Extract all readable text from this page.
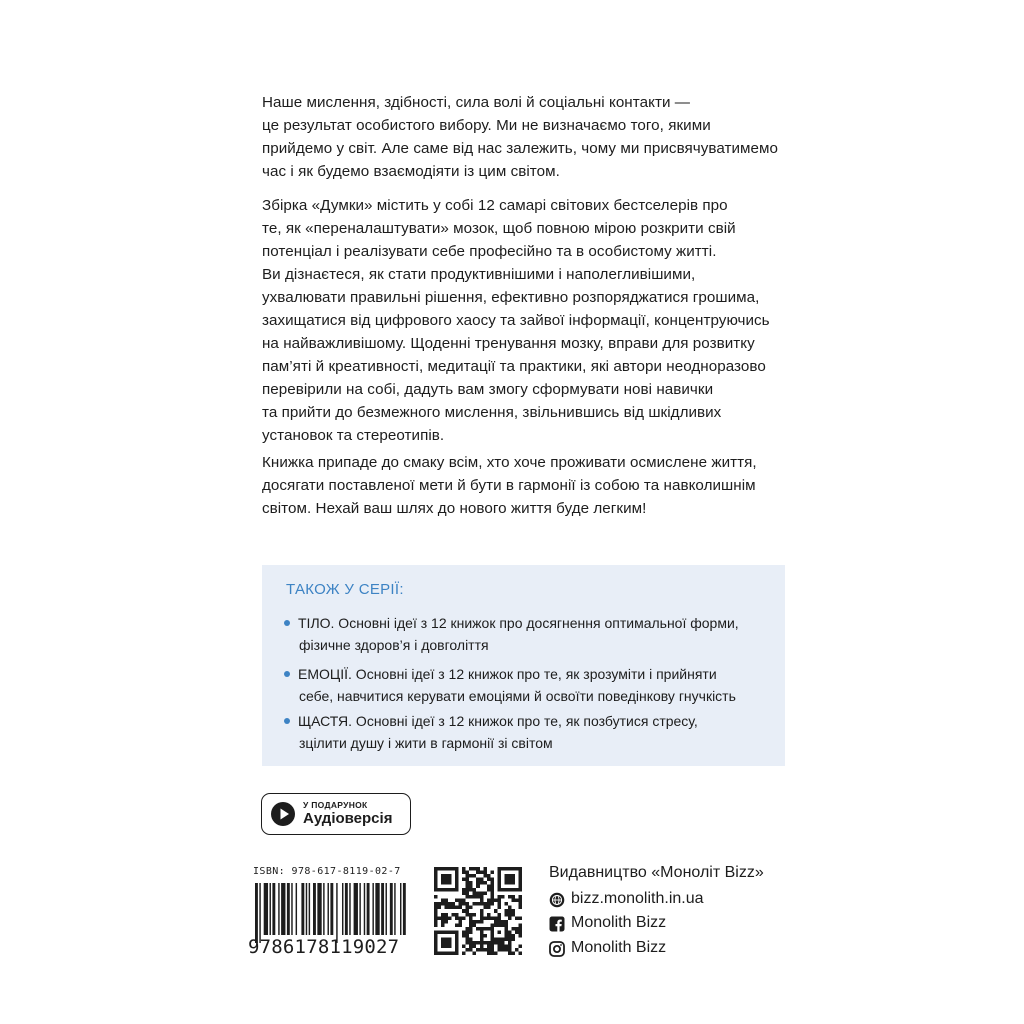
Наше мислення, здібності, сила волі й соціальні контакти —
це результат особистого вибору. Ми не визначаємо того, якими
прийдемо у світ. Але саме від нас залежить, чому ми присвячуватимемо
час і як будемо взаємодіяти із цим світом.
Збірка «Думки» містить у собі 12 самарі світових бестселерів про
те, як «переналаштувати» мозок, щоб повною мірою розкрити свій
потенціал і реалізувати себе професійно та в особистому житті.
Ви дізнаєтеся, як стати продуктивнішими і наполегливішими,
ухвалювати правильні рішення, ефективно розпоряджатися грошима,
захищатися від цифрового хаосу та зайвої інформації, концентруючись
на найважливішому. Щоденні тренування мозку, вправи для розвитку
пам’яті й креативності, медитації та практики, які автори неодноразово
перевірили на собі, дадуть вам змогу сформувати нові навички
та прийти до безмежного мислення, звільнившись від шкідливих
установок та стереотипів.
Книжка припаде до смаку всім, хто хоче проживати осмислене життя,
досягати поставленої мети й бути в гармонії із собою та навколишнім
світом. Нехай ваш шлях до нового життя буде легким!
ТАКОЖ У СЕРІЇ:
ТІЛО. Основні ідеї з 12 книжок про досягнення оптимальної форми,
фізичне здоров’я і довголіття
ЕМОЦІЇ. Основні ідеї з 12 книжок про те, як зрозуміти і прийняти
себе, навчитися керувати емоціями й освоїти поведінкову гнучкість
ЩАСТЯ. Основні ідеї з 12 книжок про те, як позбутися стресу,
зцілити душу і жити в гармонії зі світом
У ПОДАРУНОК
Аудіоверсія
ISBN: 978-617-8119-02-7
9786178119027
Видавництво «Моноліт Bizz»
bizz.monolith.in.ua
Monolith Bizz
Monolith Bizz
